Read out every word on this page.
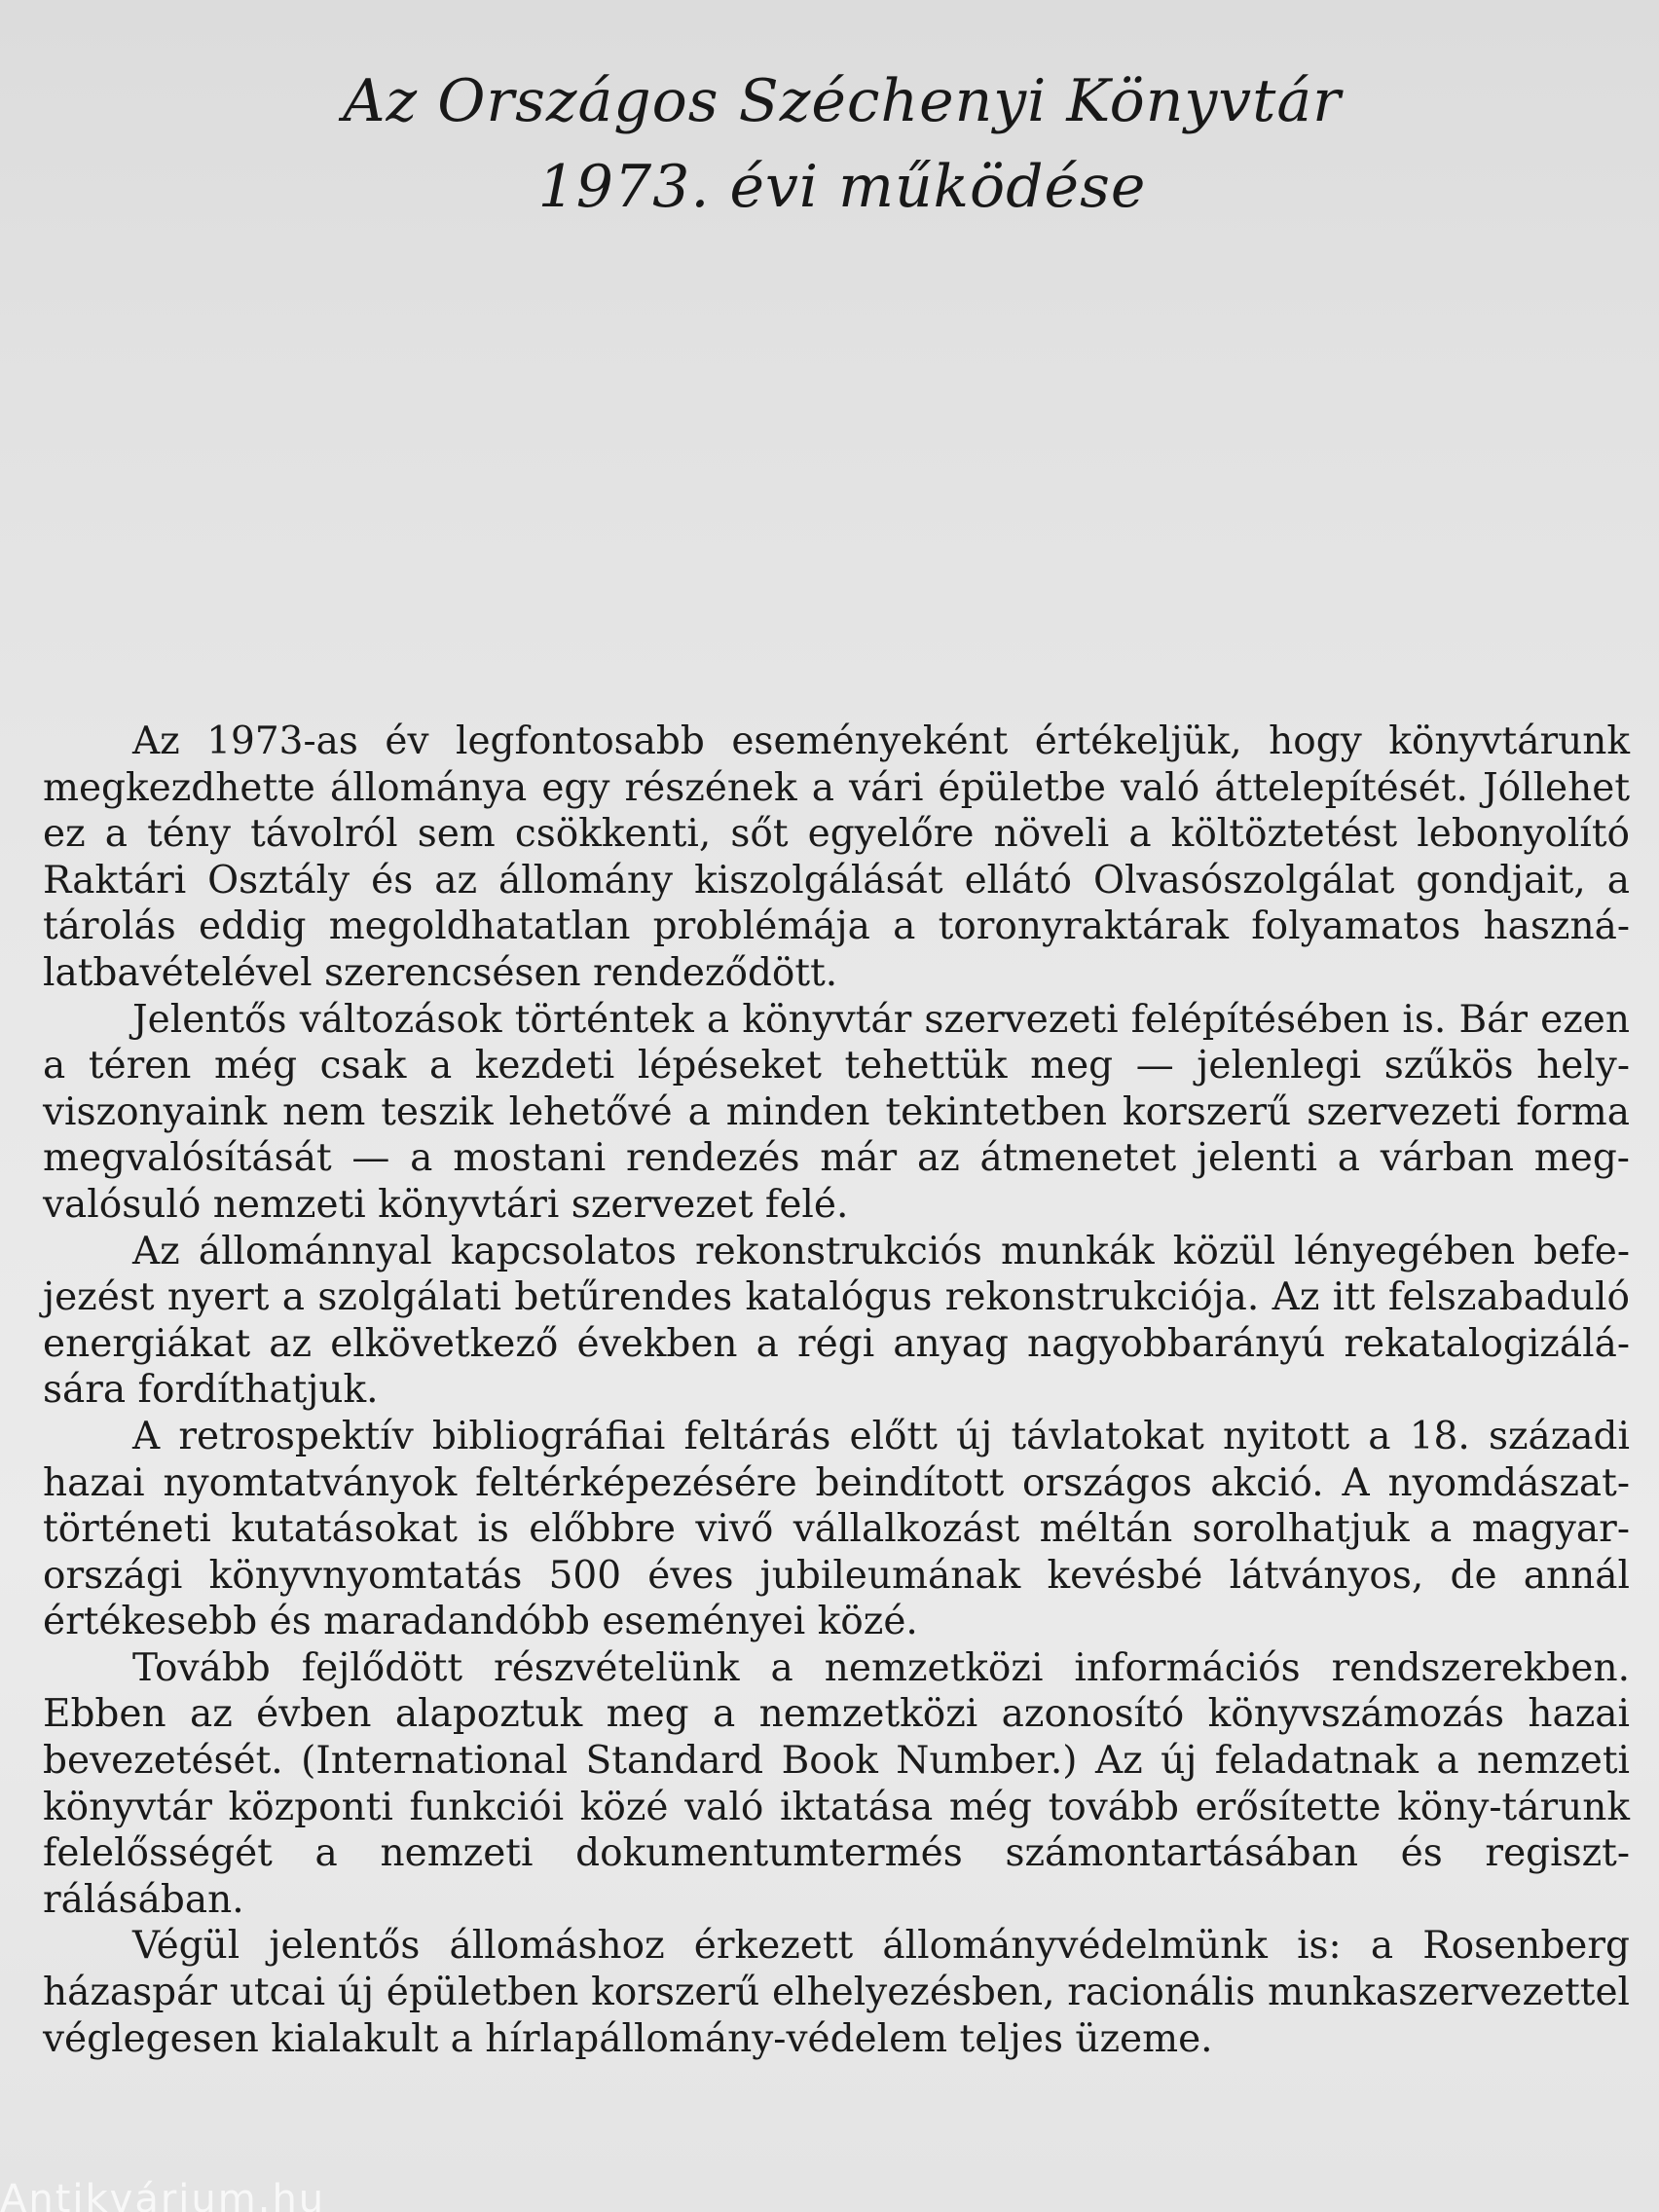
Az Országos Széchenyi Könyvtár
1973. évi működése

Az 1973-as év legfontosabb eseményeként értékeljük, hogy könyvtárunk megkezdhette állománya egy részének a vári épületbe való áttelepítését. Jóllehet ez a tény távolról sem csökkenti, sőt egyelőre növeli a költöztetést lebonyolító Raktári Osztály és az állomány kiszolgálását ellátó Olvasószolgálat gondjait, a tárolás eddig megoldhatatlan problémája a toronyraktárak folyamatos haszná-latbavételével szerencsésen rendeződött.

Jelentős változások történtek a könyvtár szervezeti felépítésében is. Bár ezen a téren még csak a kezdeti lépéseket tehettük meg — jelenlegi szűkös hely-viszonyaink nem teszik lehetővé a minden tekintetben korszerű szervezeti forma megvalósítását — a mostani rendezés már az átmenetet jelenti a várban meg-valósuló nemzeti könyvtári szervezet felé.

Az állománnyal kapcsolatos rekonstrukciós munkák közül lényegében befe-jezést nyert a szolgálati betűrendes katalógus rekonstrukciója. Az itt felszabaduló energiákat az elkövetkező években a régi anyag nagyobbarányú rekatalogizálá-sára fordíthatjuk.

A retrospektív bibliográfiai feltárás előtt új távlatokat nyitott a 18. századi hazai nyomtatványok feltérképezésére beindított országos akció. A nyomdászat-történeti kutatásokat is előbbre vivő vállalkozást méltán sorolhatjuk a magyar-országi könyvnyomtatás 500 éves jubileumának kevésbé látványos, de annál értékesebb és maradandóbb eseményei közé.

Tovább fejlődött részvételünk a nemzetközi információs rendszerekben. Ebben az évben alapoztuk meg a nemzetközi azonosító könyvszámozás hazai bevezetését. (International Standard Book Number.) Az új feladatnak a nemzeti könyvtár központi funkciói közé való iktatása még tovább erősítette köny-tárunk felelősségét a nemzeti dokumentumtermés számontartásában és regiszt-rálásában.

Végül jelentős állomáshoz érkezett állományvédelmünk is: a Rosenberg házaspár utcai új épületben korszerű elhelyezésben, racionális munkaszervezettel véglegesen kialakult a hírlapállomány-védelem teljes üzeme.

Antikvárium.hu
